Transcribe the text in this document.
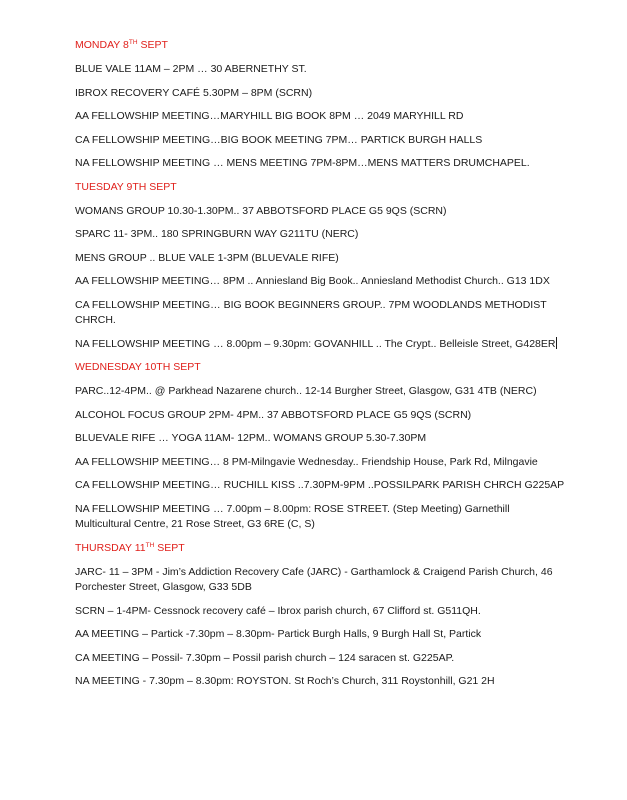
MONDAY 8TH SEPT
BLUE VALE 11AM – 2PM … 30 ABERNETHY ST.
IBROX RECOVERY CAFÉ 5.30PM – 8PM (SCRN)
AA FELLOWSHIP MEETING…MARYHILL BIG BOOK 8PM … 2049 MARYHILL RD
CA FELLOWSHIP MEETING…BIG BOOK MEETING 7PM… PARTICK BURGH HALLS
NA FELLOWSHIP MEETING … MENS MEETING 7PM-8PM…MENS MATTERS DRUMCHAPEL.
TUESDAY 9TH SEPT
WOMANS GROUP 10.30-1.30PM.. 37 ABBOTSFORD PLACE G5 9QS (SCRN)
SPARC 11- 3PM.. 180 SPRINGBURN WAY G211TU (NERC)
MENS GROUP .. BLUE VALE 1-3PM (BLUEVALE RIFE)
AA FELLOWSHIP MEETING… 8PM .. Anniesland Big Book.. Anniesland Methodist Church.. G13 1DX
CA FELLOWSHIP MEETING… BIG BOOK BEGINNERS GROUP.. 7PM WOODLANDS METHODIST CHRCH.
NA FELLOWSHIP MEETING … 8.00pm – 9.30pm: GOVANHILL .. The Crypt.. Belleisle Street, G428ER
WEDNESDAY 10TH SEPT
PARC..12-4PM.. @ Parkhead Nazarene church.. 12-14 Burgher Street, Glasgow, G31 4TB (NERC)
ALCOHOL FOCUS GROUP 2PM- 4PM.. 37 ABBOTSFORD PLACE G5 9QS (SCRN)
BLUEVALE RIFE … YOGA 11AM- 12PM.. WOMANS GROUP 5.30-7.30PM
AA FELLOWSHIP MEETING… 8 PM-Milngavie Wednesday.. Friendship House, Park Rd, Milngavie
CA FELLOWSHIP MEETING… RUCHILL KISS ..7.30PM-9PM ..POSSILPARK PARISH CHRCH G225AP
NA FELLOWSHIP MEETING … 7.00pm – 8.00pm: ROSE STREET. (Step Meeting) Garnethill Multicultural Centre, 21 Rose Street, G3 6RE (C, S)
THURSDAY 11TH SEPT
JARC- 11 – 3PM - Jim’s Addiction Recovery Cafe (JARC) - Garthamlock & Craigend Parish Church, 46 Porchester Street, Glasgow, G33 5DB
SCRN – 1-4PM- Cessnock recovery café – Ibrox parish church, 67 Clifford st. G511QH.
AA MEETING – Partick -7.30pm – 8.30pm- Partick Burgh Halls, 9 Burgh Hall St, Partick
CA MEETING – Possil- 7.30pm – Possil parish church – 124 saracen st. G225AP.
NA MEETING - 7.30pm – 8.30pm: ROYSTON. St Roch’s Church, 311 Roystonhill, G21 2H
